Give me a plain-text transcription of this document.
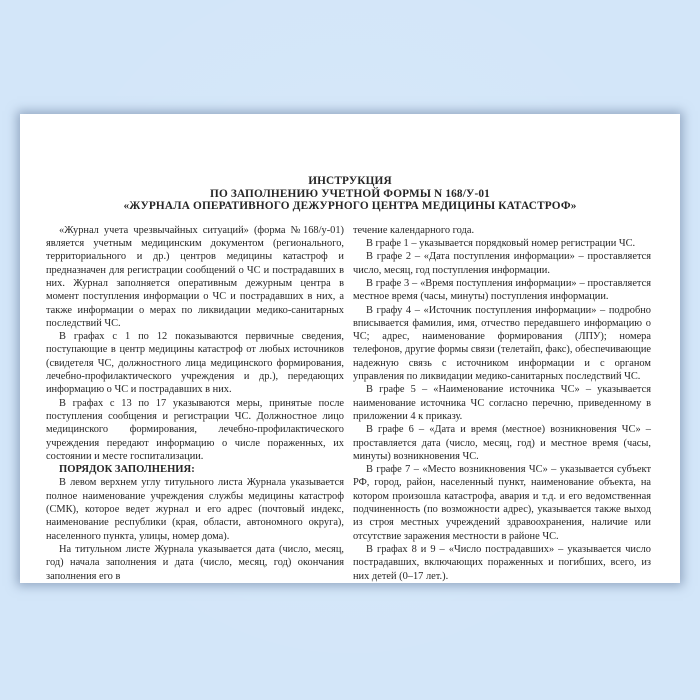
ИНСТРУКЦИЯ
ПО ЗАПОЛНЕНИЮ УЧЕТНОЙ ФОРМЫ N 168/У-01
«ЖУРНАЛА ОПЕРАТИВНОГО ДЕЖУРНОГО ЦЕНТРА МЕДИЦИНЫ КАТАСТРОФ»

«Журнал учета чрезвычайных ситуаций» (форма №168/у-01) является учетным медицинским документом (регионального, территориального и др.) центров медицины катастроф и предназначен для регистрации сообщений о ЧС и пострадавших в них. Журнал заполняется оперативным дежурным центра в момент поступления информации о ЧС и пострадавших в них, а также информации о мерах по ликвидации медико-санитарных последствий ЧС.

В графах с 1 по 12 показываются первичные сведения, поступающие в центр медицины катастроф от любых источников (свидетеля ЧС, должностного лица медицинского формирования, лечебно-профилактического учреждения и др.), передающих информацию о ЧС и пострадавших в них.

В графах с 13 по 17 указываются меры, принятые после поступления сообщения и регистрации ЧС. Должностное лицо медицинского формирования, лечебно-профилактического учреждения передают информацию о числе пораженных, их состоянии и месте госпитализации.

ПОРЯДОК ЗАПОЛНЕНИЯ:

В левом верхнем углу титульного листа Журнала указывается полное наименование учреждения службы медицины катастроф (СМК), которое ведет журнал и его адрес (почтовый индекс, наименование республики (края, области, автономного округа), населенного пункта, улицы, номер дома).

На титульном листе Журнала указывается дата (число, месяц, год) начала заполнения и дата (число, месяц, год) окончания заполнения его в

течение календарного года.

В графе 1 – указывается порядковый номер регистрации ЧС.

В графе 2 – «Дата поступления информации» – проставляется число, месяц, год поступления информации.

В графе 3 – «Время поступления информации» – проставляется местное время (часы, минуты) поступления информации.

В графу 4 – «Источник поступления информации» – подробно вписывается фамилия, имя, отчество передавшего информацию о ЧС; адрес, наименование формирования (ЛПУ); номера телефонов, другие формы связи (телетайп, факс), обеспечивающие надежную связь с источником информации и с органом управления по ликвидации медико-санитарных последствий ЧС.

В графе 5 – «Наименование источника ЧС» – указывается наименование источника ЧС согласно перечню, приведенному в приложении 4 к приказу.

В графе 6 – «Дата и время (местное) возникновения ЧС» – проставляется дата (число, месяц, год) и местное время (часы, минуты) возникновения ЧС.

В графе 7 – «Место возникновения ЧС» – указывается субъект РФ, город, район, населенный пункт, наименование объекта, на котором произошла катастрофа, авария и т.д. и его ведомственная подчиненность (по возможности адрес), указывается также выход из строя местных учреждений здравоохранения, наличие или отсутствие заражения местности в районе ЧС.

В графах 8 и 9 – «Число пострадавших» – указывается число пострадавших, включающих пораженных и погибших, всего, из них детей (0–17 лет.).
